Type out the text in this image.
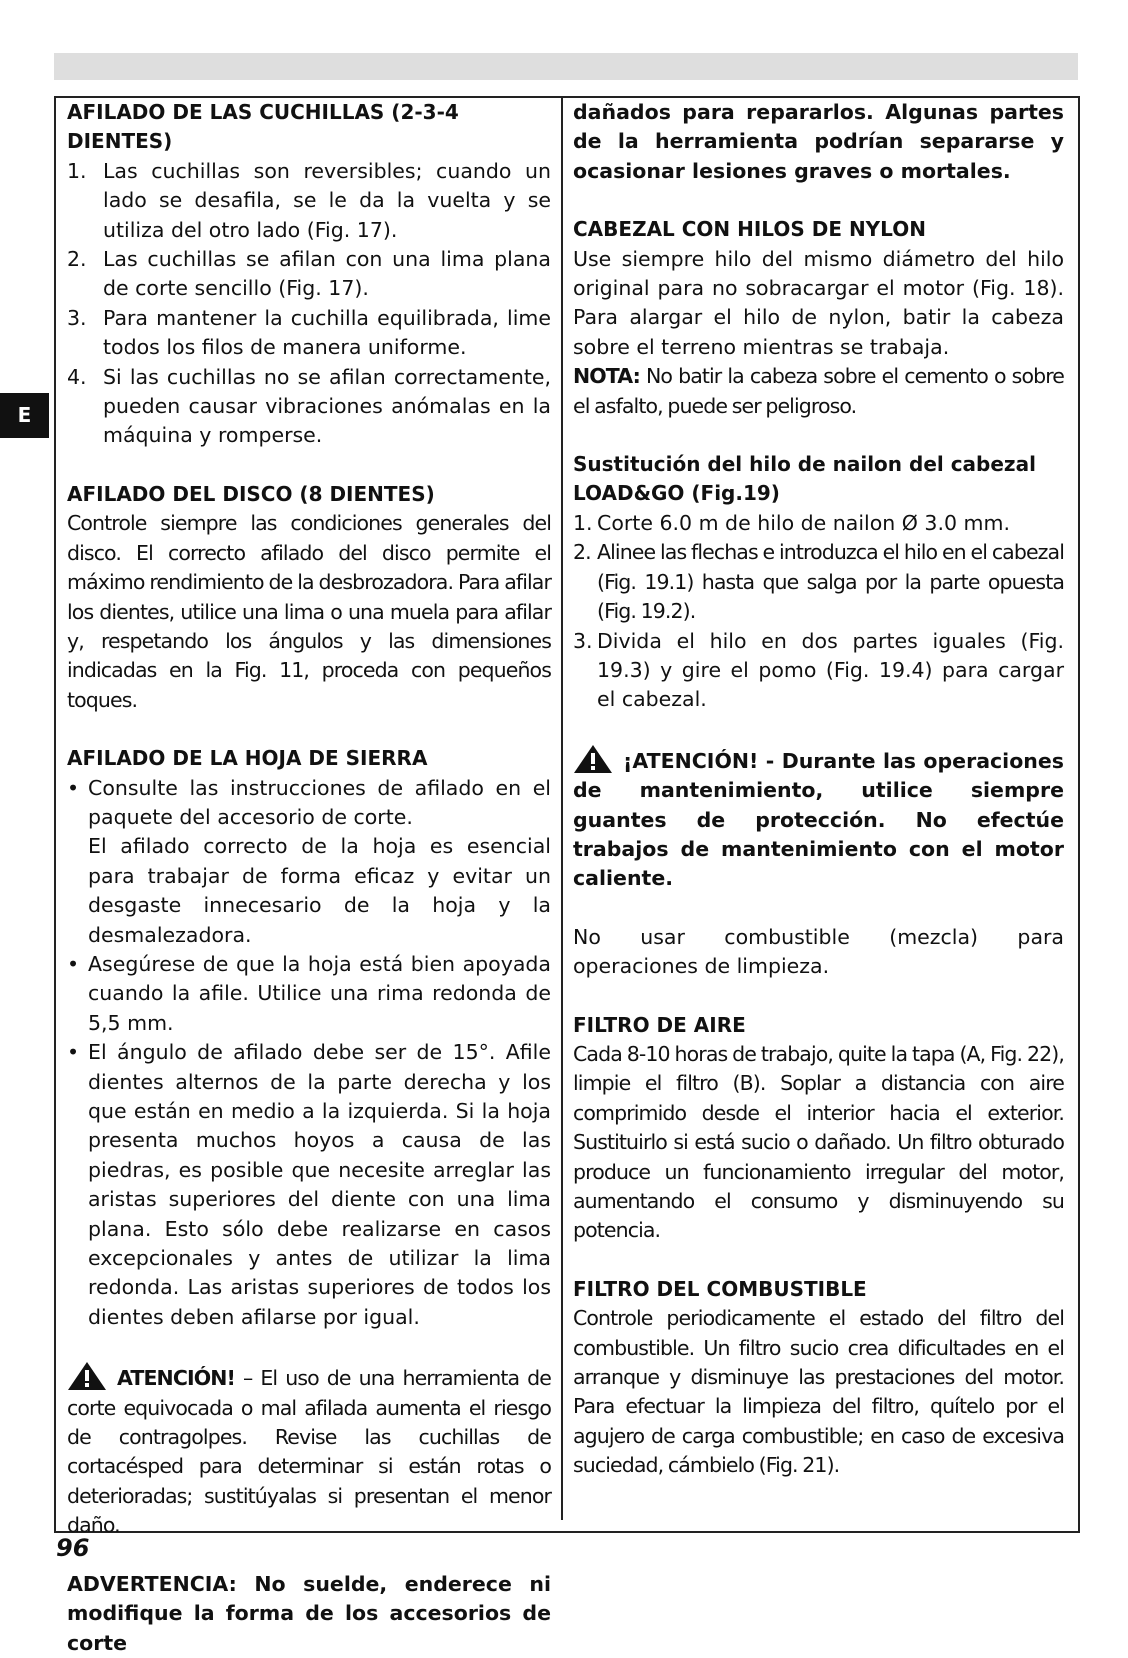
E
AFILADO DE LAS CUCHILLAS (2-3-4 DIENTES)
1. Las cuchillas son reversibles; cuando un lado se desafila, se le da la vuelta y se utiliza del otro lado (Fig. 17).
2. Las cuchillas se afilan con una lima plana de corte sencillo (Fig. 17).
3. Para mantener la cuchilla equilibrada, lime todos los filos de manera uniforme.
4. Si las cuchillas no se afilan correctamente, pueden causar vibraciones anómalas en la máquina y romperse.
AFILADO DEL DISCO (8 DIENTES)

Controle siempre las condiciones generales del disco. El correcto afilado del disco permite el máximo rendimiento de la desbrozadora. Para afilar los dientes, utilice una lima o una muela para afilar y, respetando los ángulos y las dimensiones indicadas en la Fig. 11, proceda con pequeños toques.

AFILADO DE LA HOJA DE SIERRA
• Consulte las instrucciones de afilado en el paquete del accesorio de corte.
El afilado correcto de la hoja es esencial para trabajar de forma eficaz y evitar un desgaste innecesario de la hoja y la desmalezadora.
• Asegúrese de que la hoja está bien apoyada cuando la afile. Utilice una rima redonda de 5,5 mm.
• El ángulo de afilado debe ser de 15°. Afile dientes alternos de la parte derecha y los que están en medio a la izquierda. Si la hoja presenta muchos hoyos a causa de las piedras, es posible que necesite arreglar las aristas superiores del diente con una lima plana. Esto sólo debe realizarse en casos excepcionales y antes de utilizar la lima redonda. Las aristas superiores de todos los dientes deben afilarse por igual.

ATENCIÓN! – El uso de una herramienta de corte equivocada o mal afilada aumenta el riesgo de contragolpes. Revise las cuchillas de cortacésped para determinar si están rotas o deterioradas; sustitúyalas si presentan el menor daño.

ADVERTENCIA: No suelde, enderece ni modifique la forma de los accesorios de corte

dañados para repararlos. Algunas partes de la herramienta podrían separarse y ocasionar lesiones graves o mortales.

CABEZAL CON HILOS DE NYLON

Use siempre hilo del mismo diámetro del hilo original para no sobracargar el motor (Fig. 18). Para alargar el hilo de nylon, batir la cabeza sobre el terreno mientras se trabaja.

NOTA: No batir la cabeza sobre el cemento o sobre el asfalto, puede ser peligroso.

Sustitución del hilo de nailon del cabezal LOAD&GO (Fig.19)
1. Corte 6.0 m de hilo de nailon Ø 3.0 mm.
2. Alinee las flechas e introduzca el hilo en el cabezal (Fig. 19.1) hasta que salga por la parte opuesta (Fig. 19.2).
3. Divida el hilo en dos partes iguales (Fig. 19.3) y gire el pomo (Fig. 19.4) para cargar el cabezal.

¡ATENCIÓN! - Durante las operaciones de mantenimiento, utilice siempre guantes de protección. No efectúe trabajos de mantenimiento con el motor caliente.

No usar combustible (mezcla) para operaciones de limpieza.

FILTRO DE AIRE

Cada 8-10 horas de trabajo, quite la tapa (A, Fig. 22), limpie el filtro (B). Soplar a distancia con aire comprimido desde el interior hacia el exterior. Sustituirlo si está sucio o dañado. Un filtro obturado produce un funcionamiento irregular del motor, aumentando el consumo y disminuyendo su potencia.

FILTRO DEL COMBUSTIBLE

Controle periodicamente el estado del filtro del combustible. Un filtro sucio crea dificultades en el arranque y disminuye las prestaciones del motor. Para efectuar la limpieza del filtro, quítelo por el agujero de carga combustible; en caso de excesiva suciedad, cámbielo (Fig. 21).

96
